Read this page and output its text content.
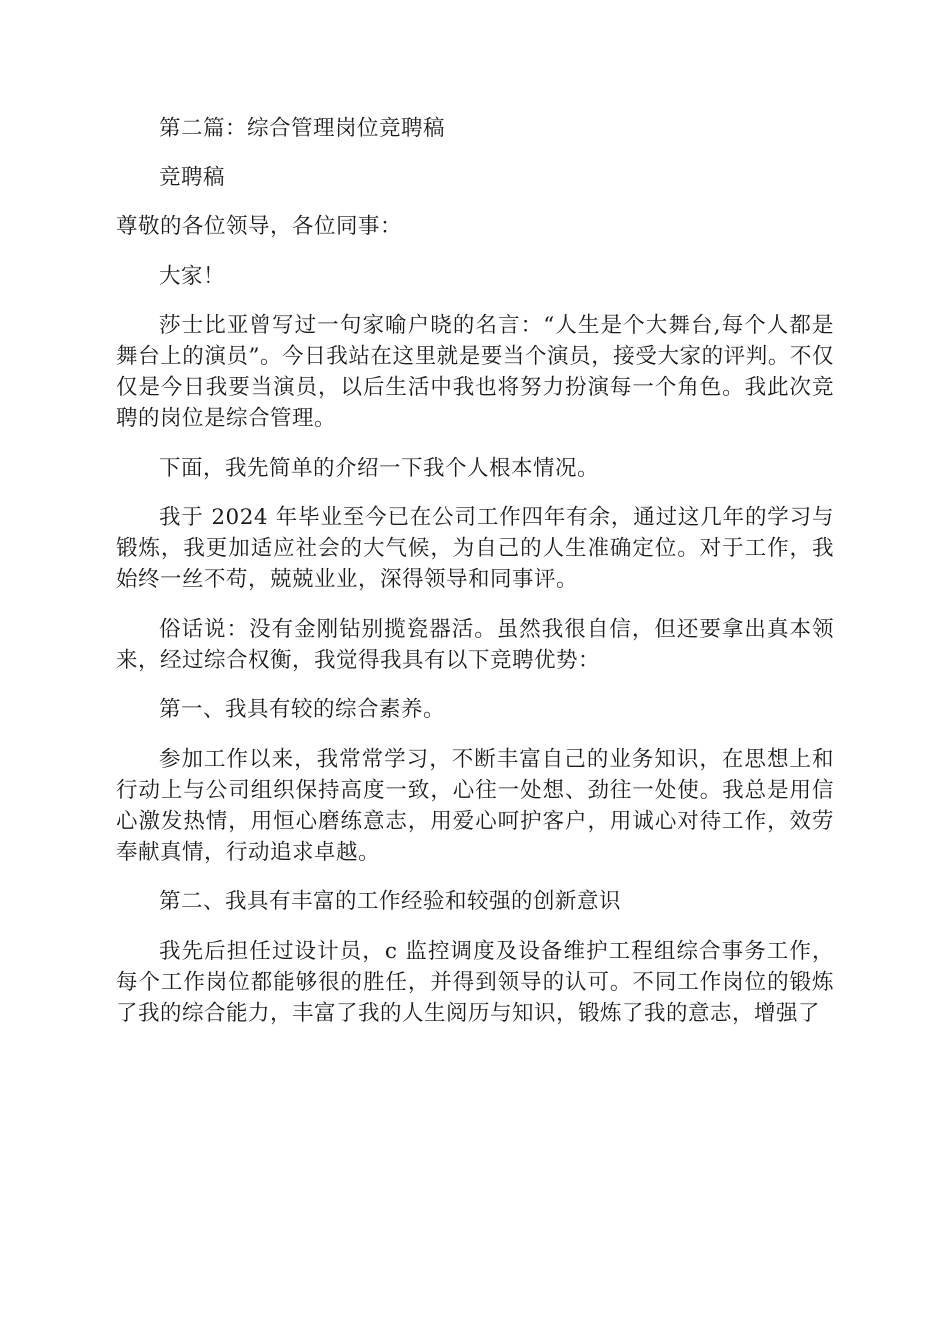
第二篇：综合管理岗位竞聘稿

竞聘稿

尊敬的各位领导，各位同事：

大家！

莎士比亚曾写过一句家喻户晓的名言：“人生是个大舞台,每个人都是舞台上的演员”。今日我站在这里就是要当个演员，接受大家的评判。不仅仅是今日我要当演员，以后生活中我也将努力扮演每一个角色。我此次竞聘的岗位是综合管理。

下面，我先简单的介绍一下我个人根本情况。

我于 2024 年毕业至今已在公司工作四年有余，通过这几年的学习与锻炼，我更加适应社会的大气候，为自己的人生准确定位。对于工作，我始终一丝不苟，兢兢业业，深得领导和同事评。

俗话说：没有金刚钻别揽瓷器活。虽然我很自信，但还要拿出真本领来，经过综合权衡，我觉得我具有以下竞聘优势：

第一、我具有较的综合素养。

参加工作以来，我常常学习，不断丰富自己的业务知识，在思想上和行动上与公司组织保持高度一致，心往一处想、劲往一处使。我总是用信心激发热情，用恒心磨练意志，用爱心呵护客户，用诚心对待工作，效劳奉献真情，行动追求卓越。

第二、我具有丰富的工作经验和较强的创新意识

我先后担任过设计员，c 监控调度及设备维护工程组综合事务工作，每个工作岗位都能够很的胜任，并得到领导的认可。不同工作岗位的锻炼了我的综合能力，丰富了我的人生阅历与知识，锻炼了我的意志，增强了
